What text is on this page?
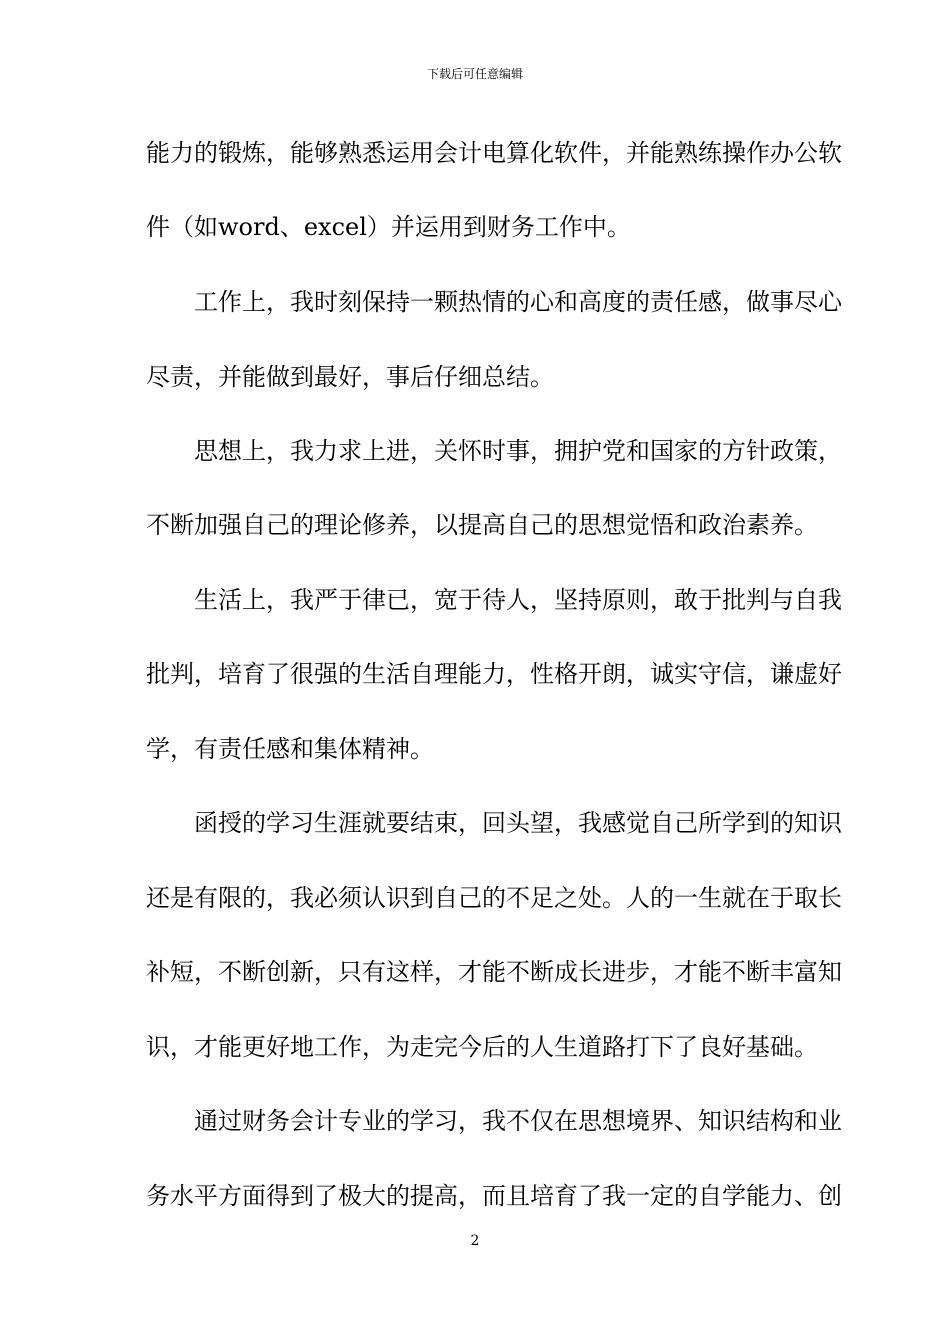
下载后可任意编辑
能力的锻炼，能够熟悉运用会计电算化软件，并能熟练操作办公软
件（如word、excel）并运用到财务工作中。
　　工作上，我时刻保持一颗热情的心和高度的责任感，做事尽心
尽责，并能做到最好，事后仔细总结。
　　思想上，我力求上进，关怀时事，拥护党和国家的方针政策，
不断加强自己的理论修养，以提高自己的思想觉悟和政治素养。
　　生活上，我严于律已，宽于待人，坚持原则，敢于批判与自我
批判，培育了很强的生活自理能力，性格开朗，诚实守信，谦虚好
学，有责任感和集体精神。
　　函授的学习生涯就要结束，回头望，我感觉自己所学到的知识
还是有限的，我必须认识到自己的不足之处。人的一生就在于取长
补短，不断创新，只有这样，才能不断成长进步，才能不断丰富知
识，才能更好地工作，为走完今后的人生道路打下了良好基础。
　　通过财务会计专业的学习，我不仅在思想境界、知识结构和业
务水平方面得到了极大的提高，而且培育了我一定的自学能力、创
2
